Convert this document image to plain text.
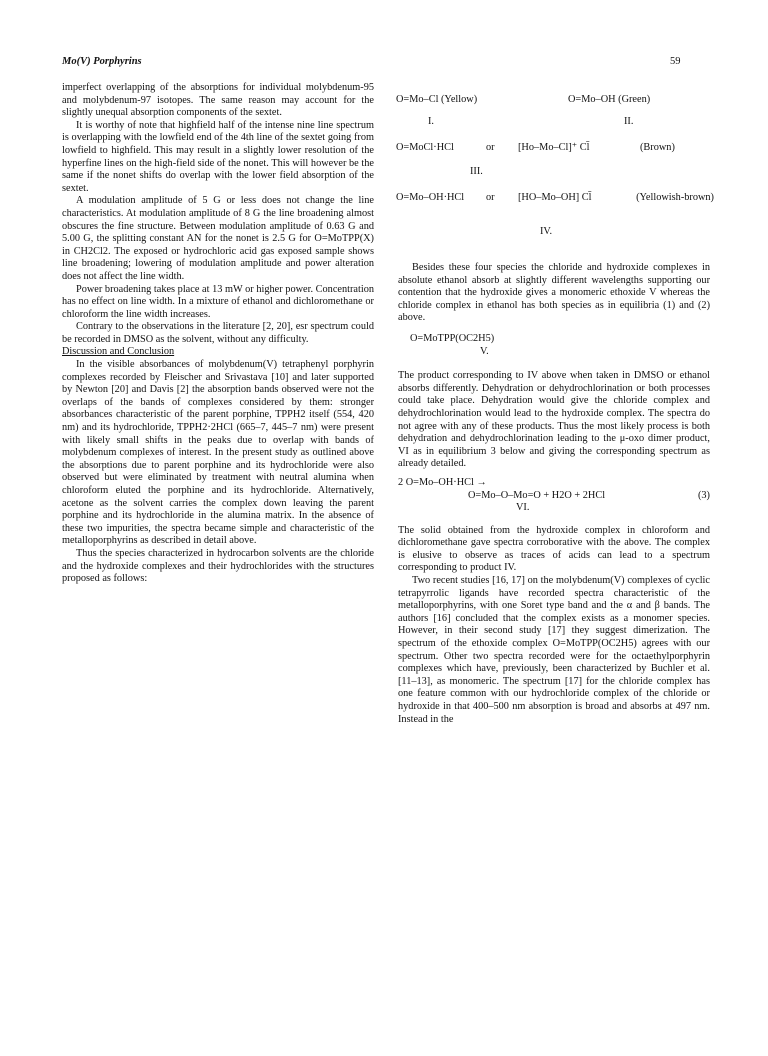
Mo(V) Porphyrins	59

imperfect overlapping of the absorptions for individual molybdenum-95 and molybdenum-97 isotopes. The same reason may account for the slightly unequal absorption components of the sextet.

It is worthy of note that highfield half of the intense nine line spectrum is overlapping with the lowfield end of the 4th line of the sextet going from lowfield to highfield. This may result in a slightly lower resolution of the hyperfine lines on the high-field side of the nonet. This will however be the same if the nonet shifts do overlap with the lower field absorption of the sextet.

A modulation amplitude of 5 G or less does not change the line characteristics. At modulation amplitude of 8 G the line broadening almost obscures the fine structure. Between modulation amplitude of 0.63 G and 5.00 G, the splitting constant AN for the nonet is 2.5 G for O=MoTPP(X) in CH2Cl2. The exposed or hydrochloric acid gas exposed sample shows line broadening; lowering of modulation amplitude and power alteration does not affect the line width.

Power broadening takes place at 13 mW or higher power. Concentration has no effect on line width. In a mixture of ethanol and dichloromethane or chloroform the line width increases.

Contrary to the observations in the literature [2, 20], esr spectrum could be recorded in DMSO as the solvent, without any difficulty.

Discussion and Conclusion

In the visible absorbances of molybdenum(V) tetraphenyl porphyrin complexes recorded by Fleischer and Srivastava [10] and later supported by Newton [20] and Davis [2] the absorption bands observed were not the overlaps of the bands of complexes considered by them: stronger absorbances characteristic of the parent porphine, TPPH2 itself (554, 420 nm) and its hydrochloride, TPPH2·2HCl (665–7, 445–7 nm) were present with likely small shifts in the peaks due to overlap with bands of molybdenum complexes of interest. In the present study as outlined above the absorptions due to parent porphine and its hydrochloride were also observed but were eliminated by treatment with neutral alumina when chloroform eluted the porphine and its hydrochloride. Alternatively, acetone as the solvent carries the complex down leaving the parent porphine and its hydrochloride in the alumina matrix. In the absence of these two impurities, the spectra became simple and characteristic of the metalloporphyrins as described in detail above.

Thus the species characterized in hydrocarbon solvents are the chloride and the hydroxide complexes and their hydrochlorides with the structures proposed as follows:

O=Mo–Cl (Yellow)
I.
O=Mo–OH (Green)
II.
O=MoCl·HCl	or [Ho–Mo–Cl]⁺ Cl̄	(Brown)
III.
O=Mo–OH·HCl or [HO–Mo–OH] Cl̄	(Yellowish-brown)
IV.

Besides these four species the chloride and hydroxide complexes in absolute ethanol absorb at slightly different wavelengths supporting our contention that the hydroxide gives a monomeric ethoxide V whereas the chloride complex in ethanol has both species as in equilibria (1) and (2) above.

O=MoTPP(OC2H5)
V.

The product corresponding to IV above when taken in DMSO or ethanol absorbs differently. Dehydration or dehydrochlorination or both processes could take place. Dehydration would give the chloride complex and dehydrochlorination would lead to the hydroxide complex. The spectra do not agree with any of these products. Thus the most likely process is both dehydration and dehydrochlorination leading to the μ-oxo dimer product, VI as in equilibrium 3 below and giving the corresponding spectrum as already detailed.

2 O=Mo–OH·HCl →
O=Mo–O–Mo=O + H2O + 2HCl	(3)
VI.

The solid obtained from the hydroxide complex in chloroform and dichloromethane gave spectra corroborative with the above. The complex is elusive to observe as traces of acids can lead to a spectrum corresponding to product IV.

Two recent studies [16, 17] on the molybdenum(V) complexes of cyclic tetrapyrrolic ligands have recorded spectra characteristic of the metalloporphyrins, with one Soret type band and the α and β bands. The authors [16] concluded that the complex exists as a monomer species. However, in their second study [17] they suggest dimerization. The spectrum of the ethoxide complex O=MoTPP(OC2H5) agrees with our spectrum. Other two spectra recorded were for the octaethylporphyrin complexes which have, previously, been characterized by Buchler et al. [11–13], as monomeric. The spectrum [17] for the chloride complex has one feature common with our hydrochloride complex of the chloride or hydroxide in that 400–500 nm absorption is broad and absorbs at 497 nm. Instead in the
